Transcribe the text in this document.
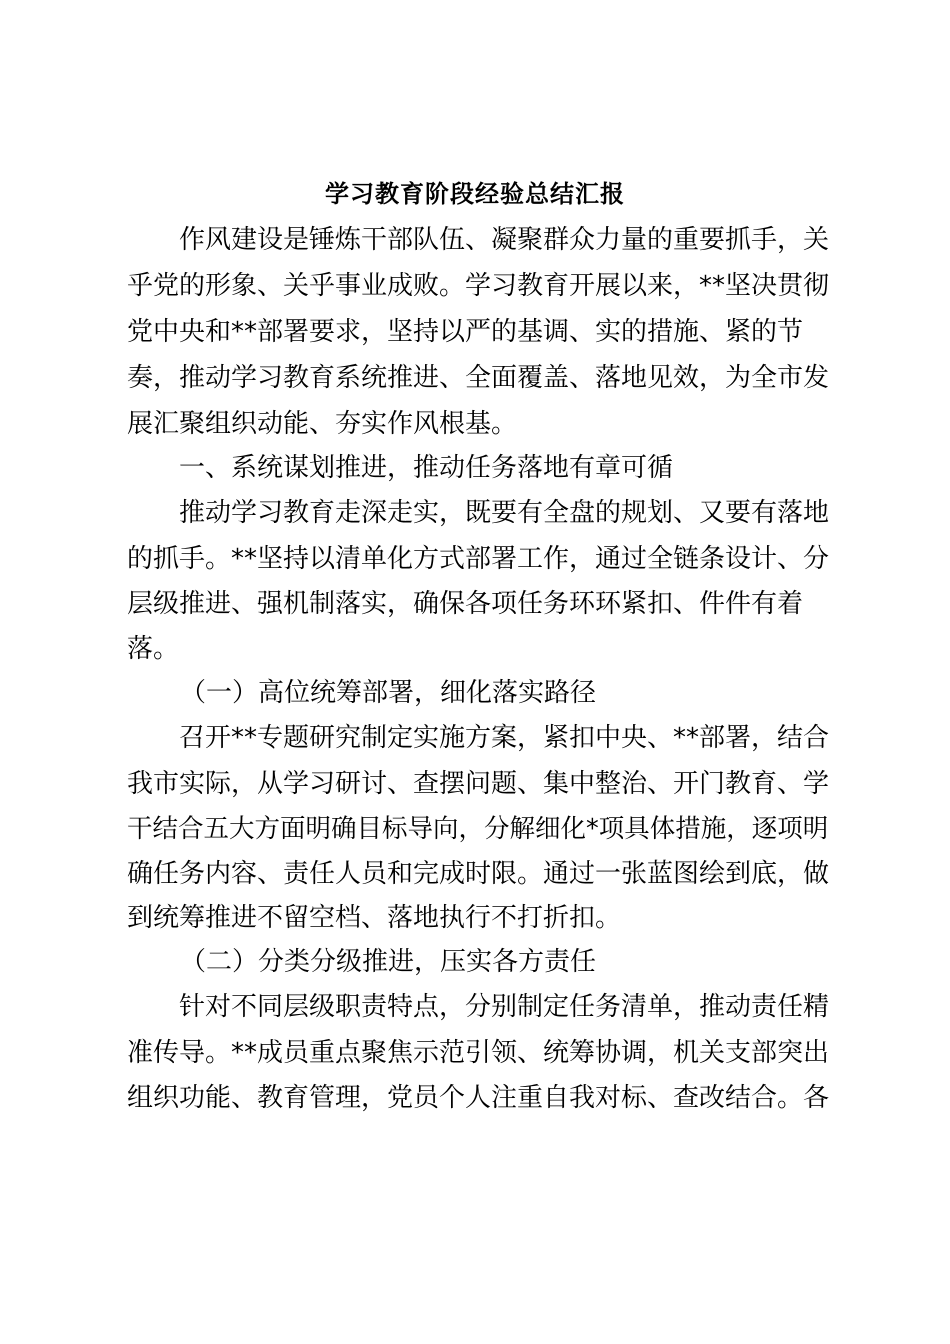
学习教育阶段经验总结汇报
作风建设是锤炼干部队伍、凝聚群众力量的重要抓手，关
乎党的形象、关乎事业成败。学习教育开展以来，**坚决贯彻
党中央和**部署要求，坚持以严的基调、实的措施、紧的节
奏，推动学习教育系统推进、全面覆盖、落地见效，为全市发
展汇聚组织动能、夯实作风根基。
一、系统谋划推进，推动任务落地有章可循
推动学习教育走深走实，既要有全盘的规划、又要有落地
的抓手。**坚持以清单化方式部署工作，通过全链条设计、分
层级推进、强机制落实，确保各项任务环环紧扣、件件有着
落。
（一）高位统筹部署，细化落实路径
召开**专题研究制定实施方案，紧扣中央、**部署，结合
我市实际，从学习研讨、查摆问题、集中整治、开门教育、学
干结合五大方面明确目标导向，分解细化*项具体措施，逐项明
确任务内容、责任人员和完成时限。通过一张蓝图绘到底，做
到统筹推进不留空档、落地执行不打折扣。
（二）分类分级推进，压实各方责任
针对不同层级职责特点，分别制定任务清单，推动责任精
准传导。**成员重点聚焦示范引领、统筹协调，机关支部突出
组织功能、教育管理，党员个人注重自我对标、查改结合。各
